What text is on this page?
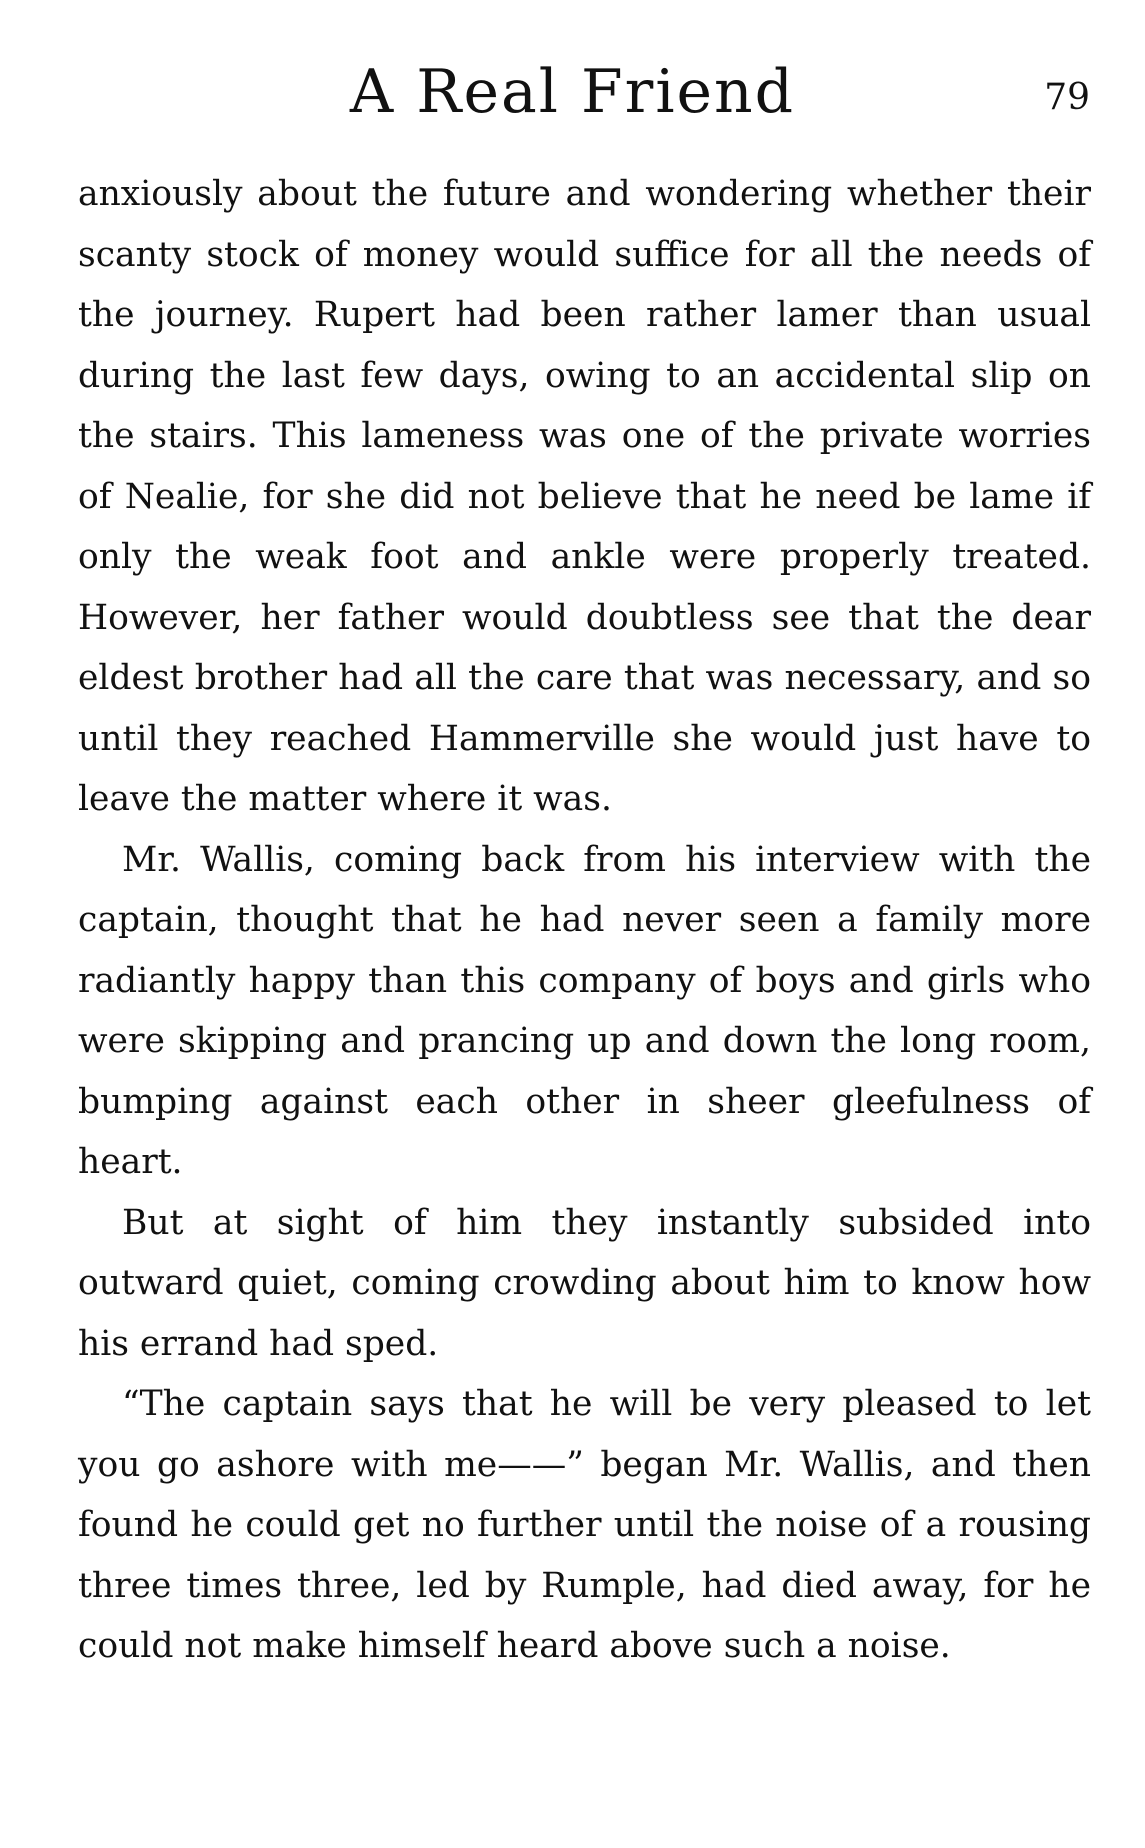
A Real Friend	79

anxiously about the future and wondering whether their scanty stock of money would suffice for all the needs of the journey. Rupert had been rather lamer than usual during the last few days, owing to an accidental slip on the stairs. This lameness was one of the private worries of Nealie, for she did not believe that he need be lame if only the weak foot and ankle were properly treated. However, her father would doubtless see that the dear eldest brother had all the care that was necessary, and so until they reached Hammerville she would just have to leave the matter where it was.

Mr. Wallis, coming back from his interview with the captain, thought that he had never seen a family more radiantly happy than this company of boys and girls who were skipping and prancing up and down the long room, bumping against each other in sheer gleefulness of heart.

But at sight of him they instantly subsided into outward quiet, coming crowding about him to know how his errand had sped.

“The captain says that he will be very pleased to let you go ashore with me——” began Mr. Wallis, and then found he could get no further until the noise of a rousing three times three, led by Rumple, had died away, for he could not make himself heard above such a noise.
